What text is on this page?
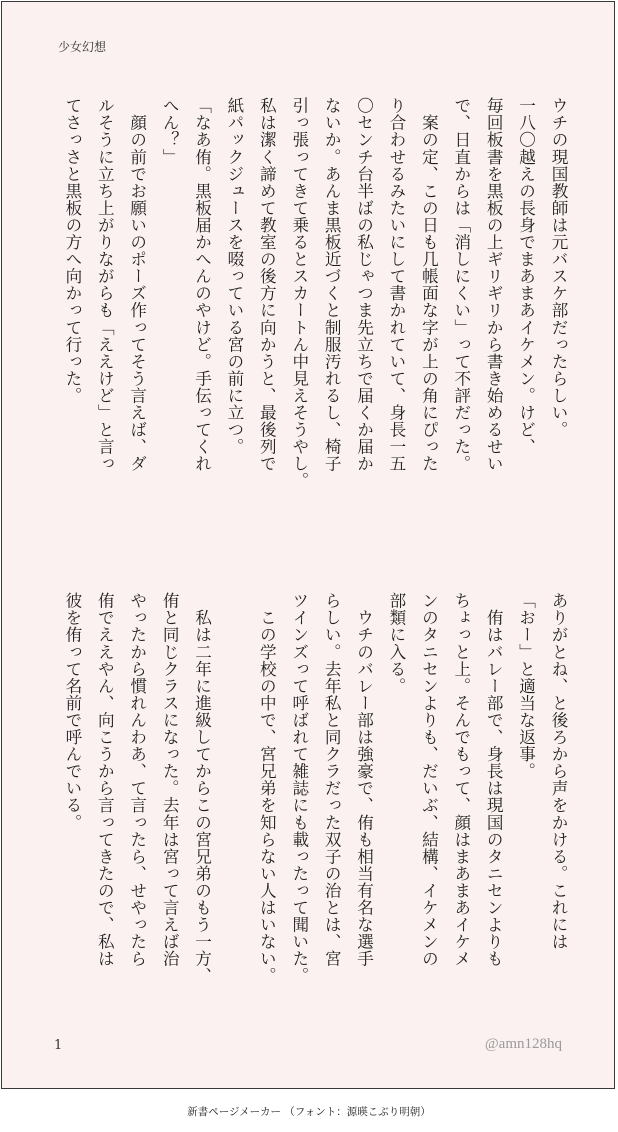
少女幻想
ウチの現国教師は元バスケ部だったらしい。
一八〇越えの長身でまあまあイケメン。けど、
毎回板書を黒板の上ギリギリから書き始めるせい
で、日直からは「消しにくい」って不評だった。
　案の定、この日も几帳面な字が上の角にぴった
り合わせるみたいにして書かれていて、身長一五
〇センチ台半ばの私じゃつま先立ちで届くか届か
ないか。あんま黒板近づくと制服汚れるし、椅子
引っ張ってきて乗るとスカートん中見えそうやし。
私は潔く諦めて教室の後方に向かうと、最後列で
紙パックジュースを啜っている宮の前に立つ。
「なあ侑。黒板届かへんのやけど。手伝ってくれ
へん？」
　顔の前でお願いのポーズ作ってそう言えば、ダ
ルそうに立ち上がりながらも「ええけど」と言っ
てさっさと黒板の方へ向かって行った。
ありがとね、と後ろから声をかける。これには
「おー」と適当な返事。
　侑はバレー部で、身長は現国のタニセンよりも
ちょっと上。そんでもって、顔はまあまあイケメ
ンのタニセンよりも、だいぶ、結構、イケメンの
部類に入る。
　ウチのバレー部は強豪で、侑も相当有名な選手
らしい。去年私と同クラだった双子の治とは、宮
ツインズって呼ばれて雑誌にも載ったって聞いた。
　この学校の中で、宮兄弟を知らない人はいない。

　私は二年に進級してからこの宮兄弟のもう一方、
侑と同じクラスになった。去年は宮って言えば治
やったから慣れんわあ、て言ったら、せやったら
侑でええやん、向こうから言ってきたので、私は
彼を侑って名前で呼んでいる。
1	@amn128hq
新書ページメーカー （フォント：源暎こぶり明朝）
